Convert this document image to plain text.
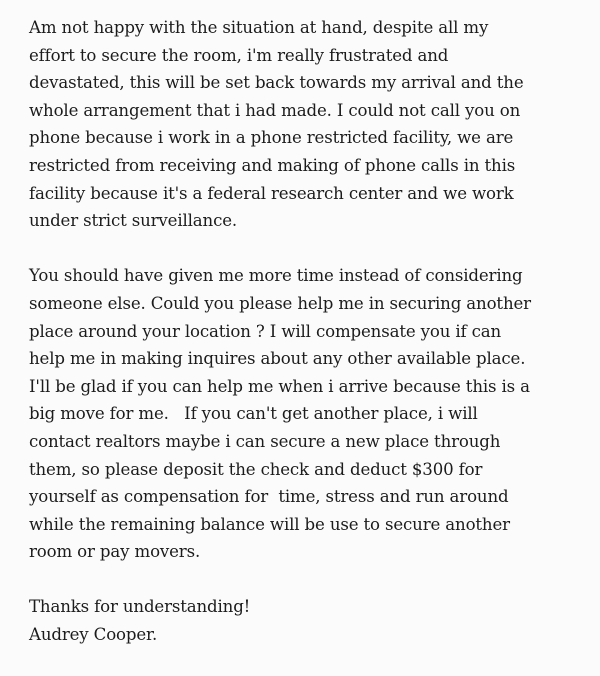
Am not happy with the situation at hand, despite all my
effort to secure the room, i'm really frustrated and
devastated, this will be set back towards my arrival and the
whole arrangement that i had made. I could not call you on
phone because i work in a phone restricted facility, we are
restricted from receiving and making of phone calls in this
facility because it's a federal research center and we work
under strict surveillance.
You should have given me more time instead of considering
someone else. Could you please help me in securing another
place around your location ? I will compensate you if can
help me in making inquires about any other available place.
I'll be glad if you can help me when i arrive because this is a
big move for me.   If you can't get another place, i will
contact realtors maybe i can secure a new place through
them, so please deposit the check and deduct $300 for
yourself as compensation for  time, stress and run around
while the remaining balance will be use to secure another
room or pay movers.
Thanks for understanding!
Audrey Cooper.
